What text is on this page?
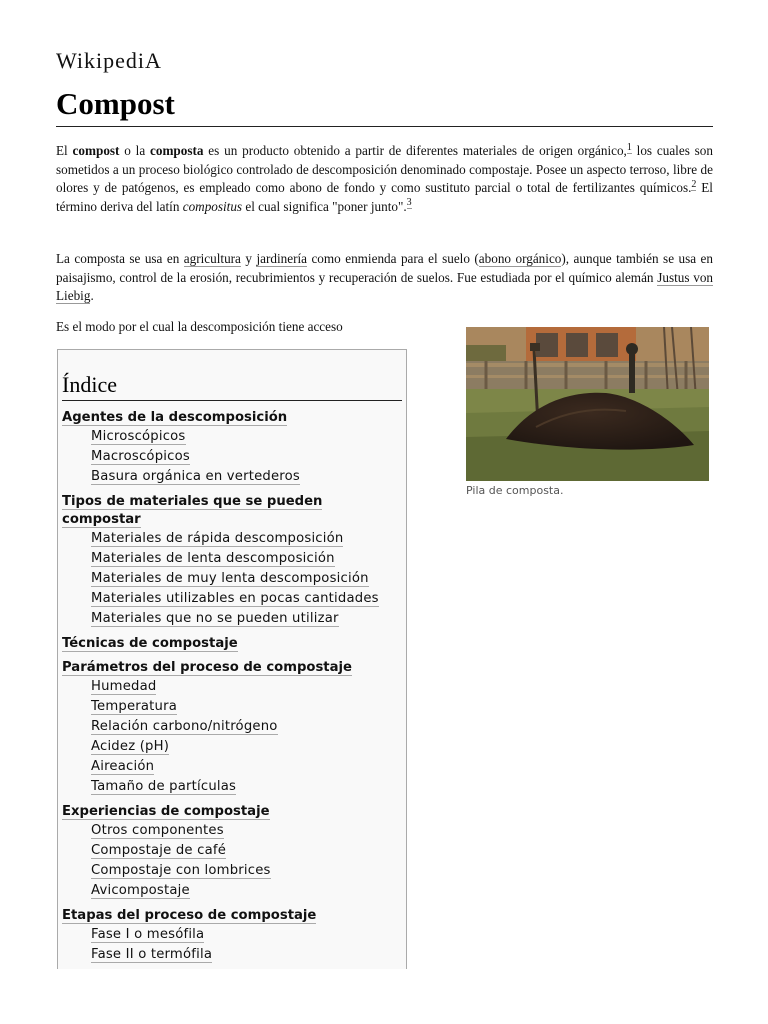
WikipediA
Compost
El compost o la composta es un producto obtenido a partir de diferentes materiales de origen orgánico,$^1$ los cuales son sometidos a un proceso biológico controlado de descomposición denominado compostaje. Posee un aspecto terroso, libre de olores y de patógenos, es empleado como abono de fondo y como sustituto parcial o total de fertilizantes químicos.$^2$ El término deriva del latín compositus el cual significa "poner junto".$^3$
La composta se usa en agricultura y jardinería como enmienda para el suelo (abono orgánico), aunque también se usa en paisajismo, control de la erosión, recubrimientos y recuperación de suelos. Fue estudiada por el químico alemán Justus von Liebig.
Es el modo por el cual la descomposición tiene acceso
Índice
Agentes de la descomposición
Microscópicos
Macroscópicos
Basura orgánica en vertederos
Tipos de materiales que se pueden compostar
Materiales de rápida descomposición
Materiales de lenta descomposición
Materiales de muy lenta descomposición
Materiales utilizables en pocas cantidades
Materiales que no se pueden utilizar
Técnicas de compostaje
Parámetros del proceso de compostaje
Humedad
Temperatura
Relación carbono/nitrógeno
Acidez (pH)
Aireación
Tamaño de partículas
Experiencias de compostaje
Otros componentes
Compostaje de café
Compostaje con lombrices
Avicompostaje
Etapas del proceso de compostaje
Fase I o mesófila
Fase II o termófila
Pila de composta.
